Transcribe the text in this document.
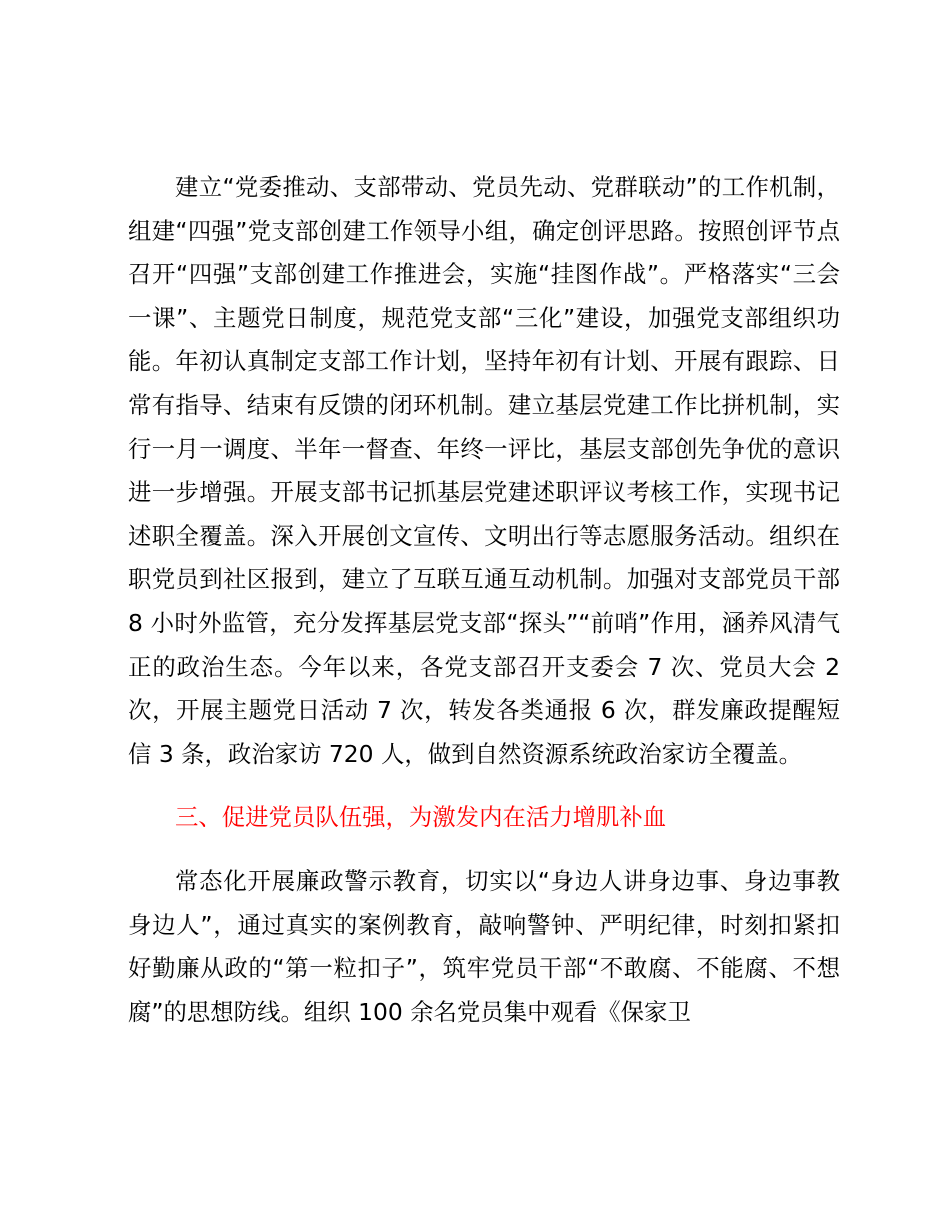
建立“党委推动、支部带动、党员先动、党群联动”的工作机制，组建“四强”党支部创建工作领导小组，确定创评思路。按照创评节点召开“四强”支部创建工作推进会，实施“挂图作战”。严格落实“三会一课”、主题党日制度，规范党支部“三化”建设，加强党支部组织功能。年初认真制定支部工作计划，坚持年初有计划、开展有跟踪、日常有指导、结束有反馈的闭环机制。建立基层党建工作比拼机制，实行一月一调度、半年一督查、年终一评比，基层支部创先争优的意识进一步增强。开展支部书记抓基层党建述职评议考核工作，实现书记述职全覆盖。深入开展创文宣传、文明出行等志愿服务活动。组织在职党员到社区报到，建立了互联互通互动机制。加强对支部党员干部 8 小时外监管，充分发挥基层党支部“探头”“前哨”作用，涵养风清气正的政治生态。今年以来，各党支部召开支委会 7 次、党员大会 2 次，开展主题党日活动 7 次，转发各类通报 6 次，群发廉政提醒短信 3 条，政治家访 720 人，做到自然资源系统政治家访全覆盖。

三、促进党员队伍强，为激发内在活力增肌补血

常态化开展廉政警示教育，切实以“身边人讲身边事、身边事教身边人”，通过真实的案例教育，敲响警钟、严明纪律，时刻扣紧扣好勤廉从政的“第一粒扣子”，筑牢党员干部“不敢腐、不能腐、不想腐”的思想防线。组织 100 余名党员集中观看《保家卫
